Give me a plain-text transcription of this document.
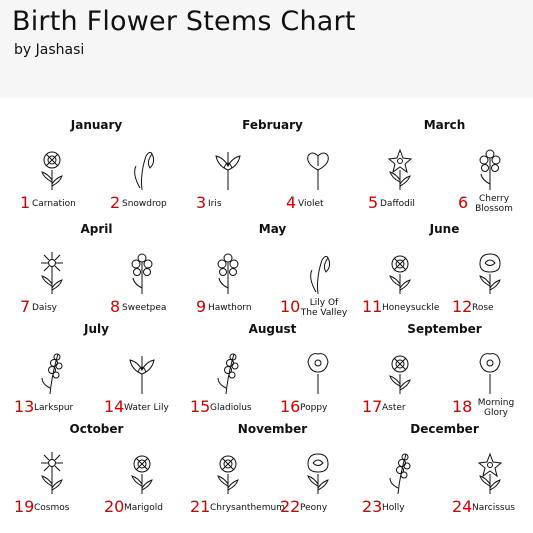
Birth Flower Stems Chart
by Jashasi
January
1 Carnation 2 Snowdrop
February
3 Iris	4 Violet
March
5 Daffodil	6	Cherry Blossom
April
7 Daisy	8 Sweetpea
May
9 Hawthorn 10	Lily Of The Valley
June
11 Honeysuckle 12 Rose
July
13 Larkspur 14 Water Lily
August
15 Gladiolus 16 Poppy
September
17 Aster	18 Morning Glory
October
19 Cosmos 20 Marigold
November
21 Chrysanthemum
22 Peony
December
23 Holly	24 Narcissus
